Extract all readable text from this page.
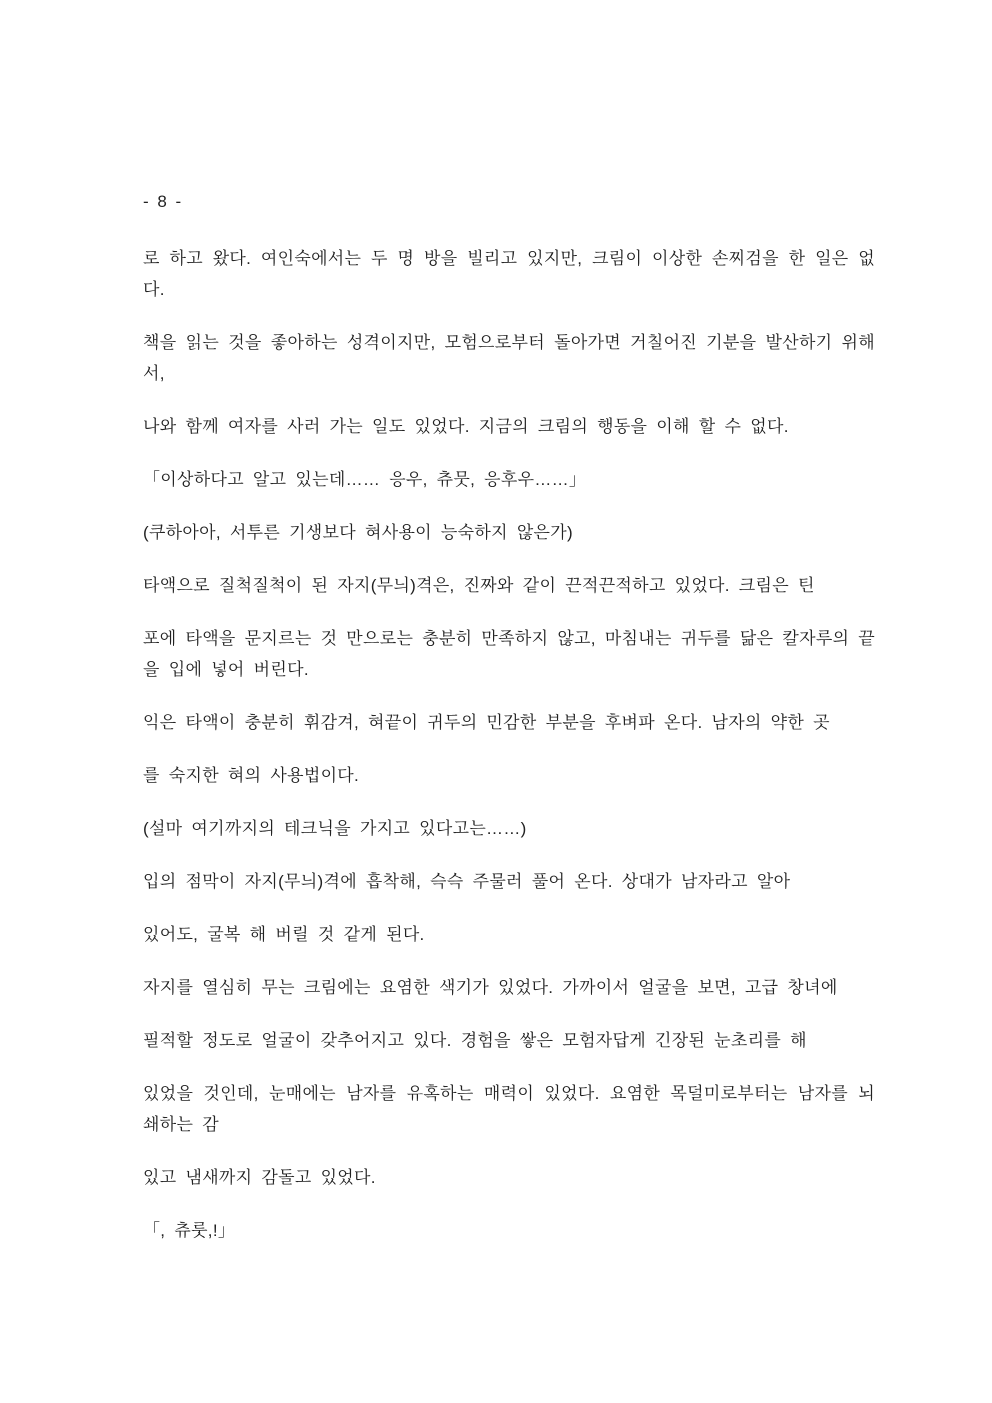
- 8 -

로 하고 왔다. 여인숙에서는 두 명 방을 빌리고 있지만, 크림이 이상한 손찌검을 한 일은 없다.

책을 읽는 것을 좋아하는 성격이지만, 모험으로부터 돌아가면 거칠어진 기분을 발산하기 위해서,

나와 함께 여자를 사러 가는 일도 있었다. 지금의 크림의 행동을 이해 할 수 없다.

「이상하다고 알고 있는데…… 응우, 츄뭇, 응후우……」

(쿠하아아, 서투른 기생보다 혀사용이 능숙하지 않은가)

타액으로 질척질척이 된 자지(무늬)격은, 진짜와 같이 끈적끈적하고 있었다. 크림은 틴

포에 타액을 문지르는 것 만으로는 충분히 만족하지 않고, 마침내는 귀두를 닮은 칼자루의 끝을 입에 넣어 버린다.

익은 타액이 충분히 휘감겨, 혀끝이 귀두의 민감한 부분을 후벼파 온다. 남자의 약한 곳

를 숙지한 혀의 사용법이다.

(설마 여기까지의 테크닉을 가지고 있다고는……)

입의 점막이 자지(무늬)격에 흡착해, 슥슥 주물러 풀어 온다. 상대가 남자라고 알아

있어도, 굴복 해 버릴 것 같게 된다.

자지를 열심히 무는 크림에는 요염한 색기가 있었다. 가까이서 얼굴을 보면, 고급 창녀에

필적할 정도로 얼굴이 갖추어지고 있다. 경험을 쌓은 모험자답게 긴장된 눈초리를 해

있었을 것인데, 눈매에는 남자를 유혹하는 매력이 있었다. 요염한 목덜미로부터는 남자를 뇌쇄하는 감

있고 냄새까지 감돌고 있었다.

「, 츄룻,!」
